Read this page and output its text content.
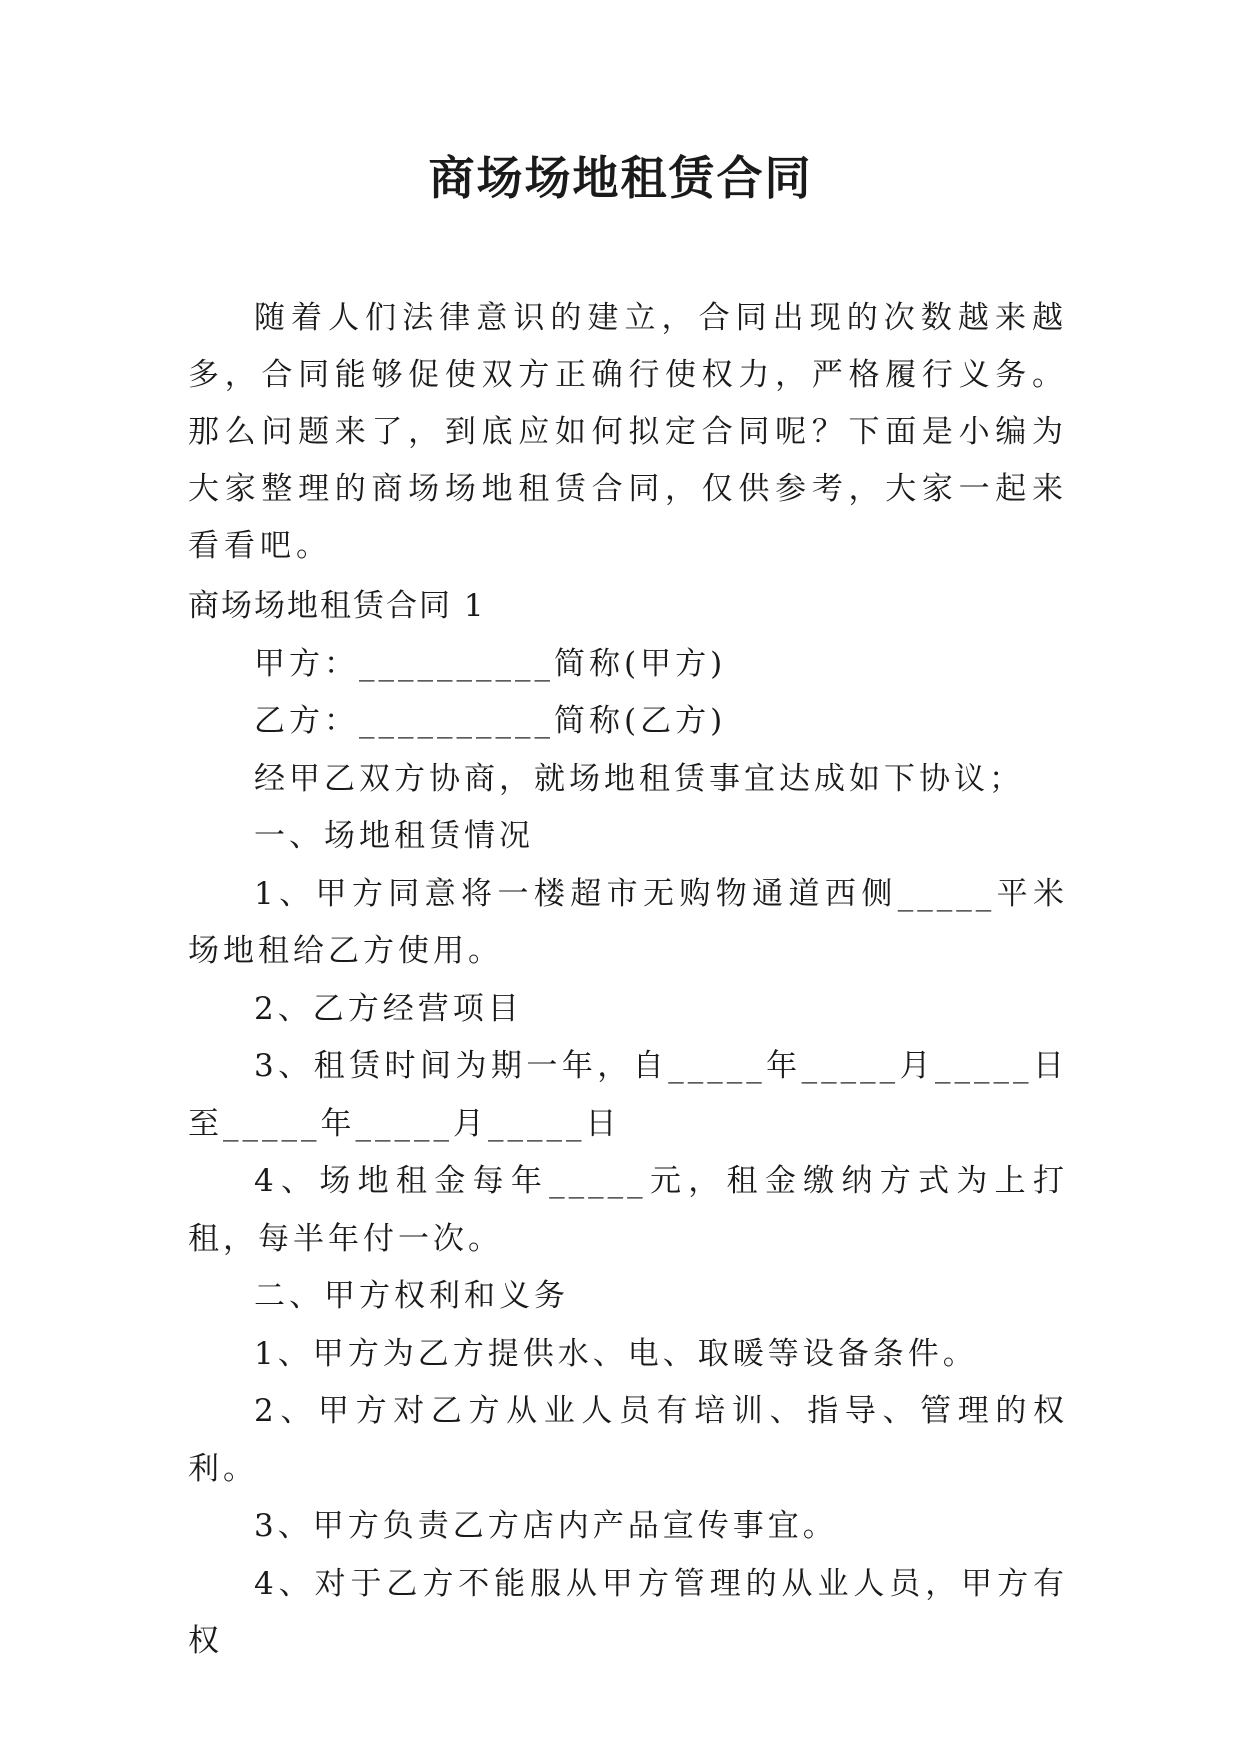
商场场地租赁合同

随着人们法律意识的建立，合同出现的次数越来越多，合同能够促使双方正确行使权力，严格履行义务。那么问题来了，到底应如何拟定合同呢？下面是小编为大家整理的商场场地租赁合同，仅供参考，大家一起来看看吧。

商场场地租赁合同 1

甲方：__________简称(甲方)

乙方：__________简称(乙方)

经甲乙双方协商，就场地租赁事宜达成如下协议；

一、场地租赁情况

1、甲方同意将一楼超市无购物通道西侧_____平米场地租给乙方使用。

2、乙方经营项目

3、租赁时间为期一年，自_____年_____月_____日至_____年_____月_____日

4、场地租金每年_____元，租金缴纳方式为上打租，每半年付一次。

二、甲方权利和义务

1、甲方为乙方提供水、电、取暖等设备条件。

2、甲方对乙方从业人员有培训、指导、管理的权利。

3、甲方负责乙方店内产品宣传事宜。

4、对于乙方不能服从甲方管理的从业人员，甲方有权
